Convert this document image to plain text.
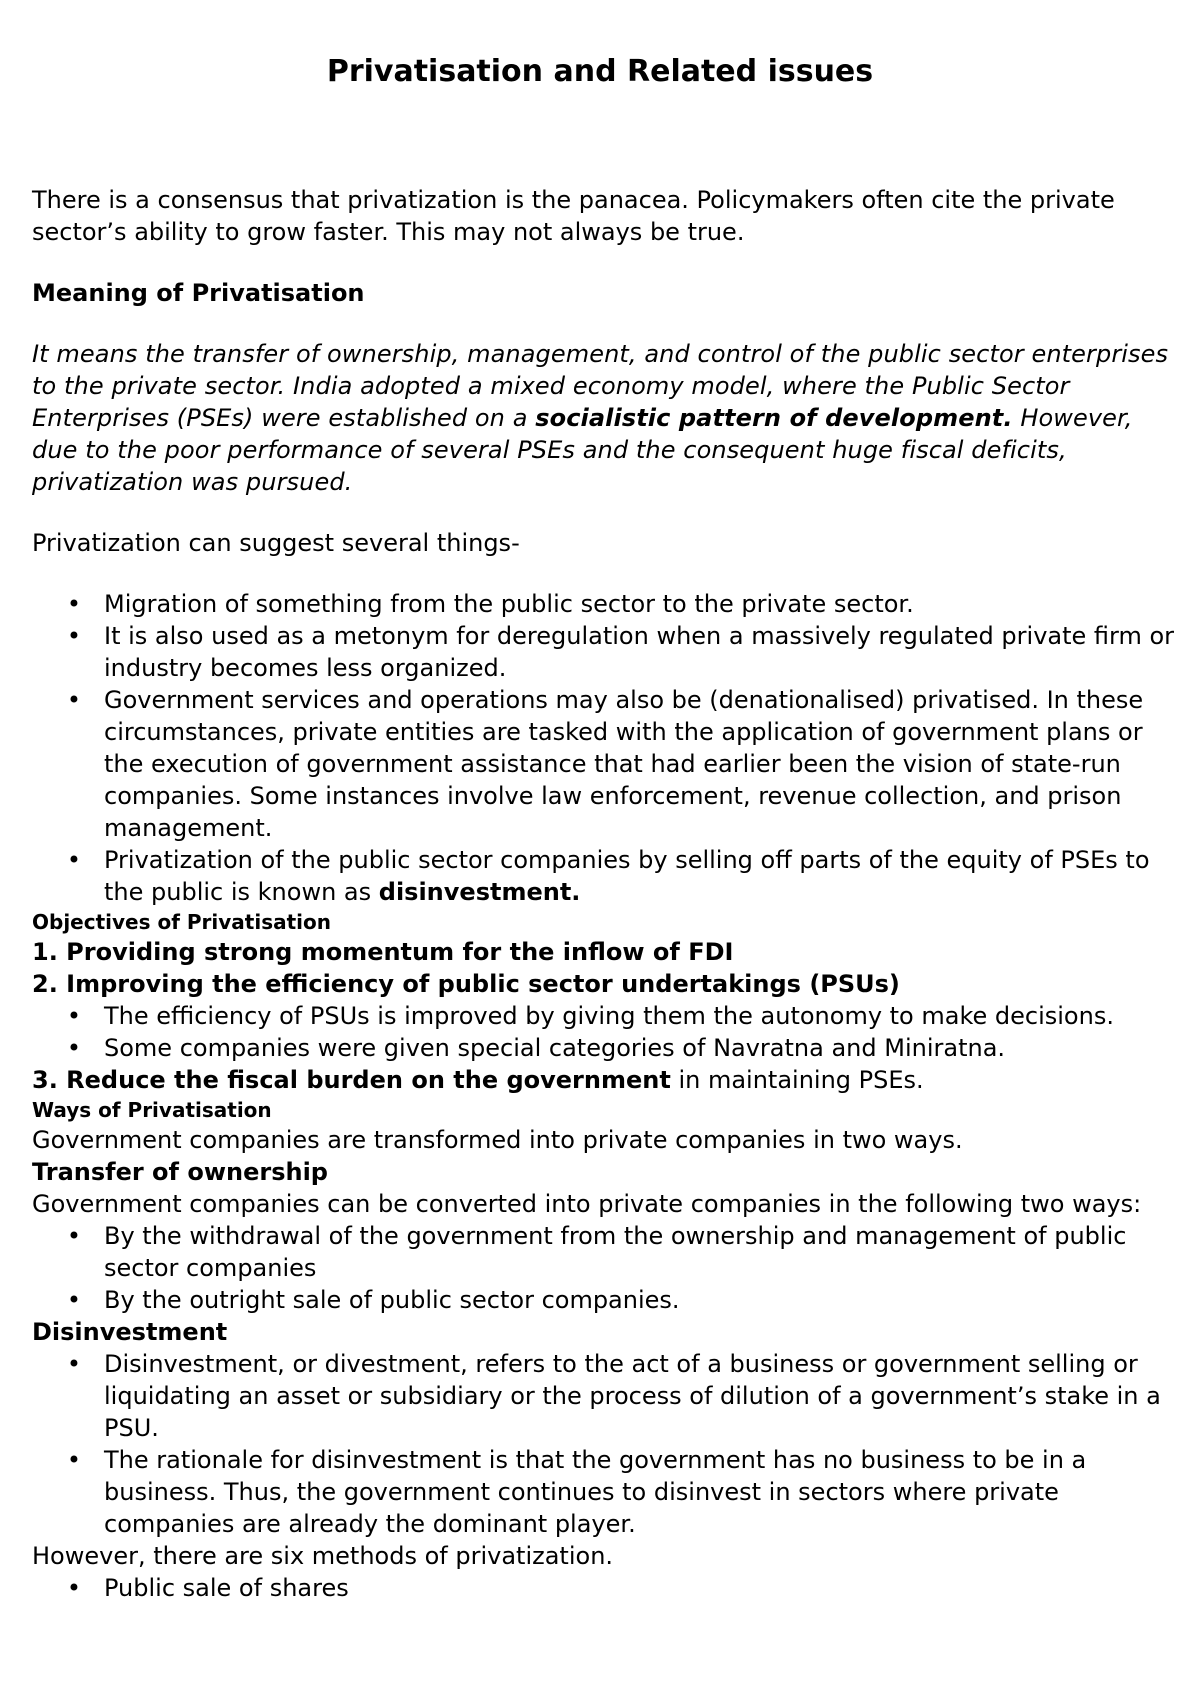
Privatisation and Related issues

There is a consensus that privatization is the panacea. Policymakers often cite the private sector’s ability to grow faster. This may not always be true.

Meaning of Privatisation

It means the transfer of ownership, management, and control of the public sector enterprises to the private sector. India adopted a mixed economy model, where the Public Sector Enterprises (PSEs) were established on a socialistic pattern of development. However, due to the poor performance of several PSEs and the consequent huge fiscal deficits, privatization was pursued.

Privatization can suggest several things-

• Migration of something from the public sector to the private sector.
• It is also used as a metonym for deregulation when a massively regulated private firm or industry becomes less organized.
• Government services and operations may also be (denationalised) privatised. In these circumstances, private entities are tasked with the application of government plans or the execution of government assistance that had earlier been the vision of state-run companies. Some instances involve law enforcement, revenue collection, and prison management.
• Privatization of the public sector companies by selling off parts of the equity of PSEs to the public is known as disinvestment.

Objectives of Privatisation

1. Providing strong momentum for the inflow of FDI

2. Improving the efficiency of public sector undertakings (PSUs)

• The efficiency of PSUs is improved by giving them the autonomy to make decisions.
• Some companies were given special categories of Navratna and Miniratna.

3. Reduce the fiscal burden on the government in maintaining PSEs.

Ways of Privatisation

Government companies are transformed into private companies in two ways.

Transfer of ownership

Government companies can be converted into private companies in the following two ways:

• By the withdrawal of the government from the ownership and management of public sector companies
• By the outright sale of public sector companies.

Disinvestment

• Disinvestment, or divestment, refers to the act of a business or government selling or liquidating an asset or subsidiary or the process of dilution of a government’s stake in a PSU.
• The rationale for disinvestment is that the government has no business to be in a business. Thus, the government continues to disinvest in sectors where private companies are already the dominant player.

However, there are six methods of privatization.

• Public sale of shares
